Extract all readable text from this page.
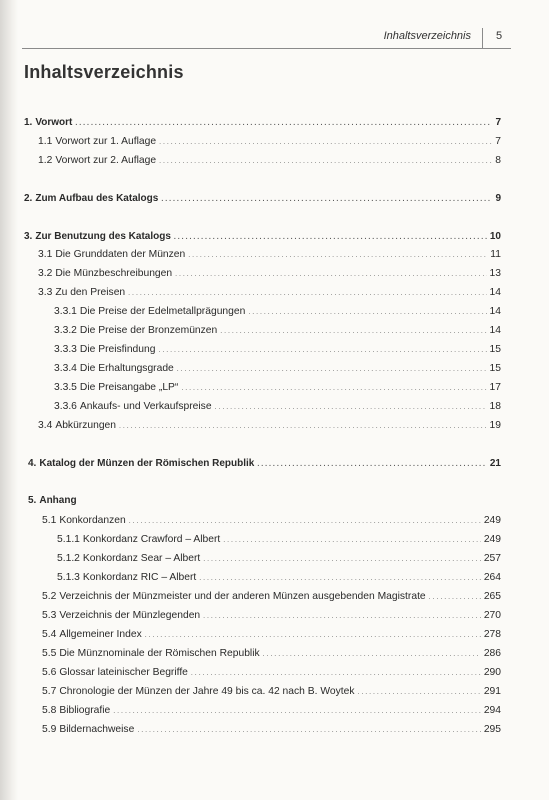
Inhaltsverzeichnis	5
Inhaltsverzeichnis
1. Vorwort . . .	7
1.1 Vorwort zur 1. Auflage . . .	7
1.2 Vorwort zur 2. Auflage . . .	8
2. Zum Aufbau des Katalogs . . .	9
3. Zur Benutzung des Katalogs . . .	10
3.1 Die Grunddaten der Münzen . . .	11
3.2 Die Münzbeschreibungen . . .	13
3.3 Zu den Preisen . . .	14
3.3.1 Die Preise der Edelmetallprägungen . . .	14
3.3.2 Die Preise der Bronzemünzen . . .	14
3.3.3 Die Preisfindung . . .	15
3.3.4 Die Erhaltungsgrade . . .	15
3.3.5 Die Preisangabe „LP“ . . .	17
3.3.6 Ankaufs- und Verkaufspreise . . .	18
3.4 Abkürzungen . . .	19
4. Katalog der Münzen der Römischen Republik . . .	21
5. Anhang
5.1 Konkordanzen . . .	249
5.1.1 Konkordanz Crawford – Albert . . .	249
5.1.2 Konkordanz Sear – Albert . . .	257
5.1.3 Konkordanz RIC – Albert . . .	264
5.2 Verzeichnis der Münzmeister und der anderen Münzen ausgebenden Magistrate . . .	265
5.3 Verzeichnis der Münzlegenden . . .	270
5.4 Allgemeiner Index . . .	278
5.5 Die Münznominale der Römischen Republik . . .	286
5.6 Glossar lateinischer Begriffe . . .	290
5.7 Chronologie der Münzen der Jahre 49 bis ca. 42 nach B. Woytek . . .	291
5.8 Bibliografie . . .	294
5.9 Bildernachweise . . .	295
